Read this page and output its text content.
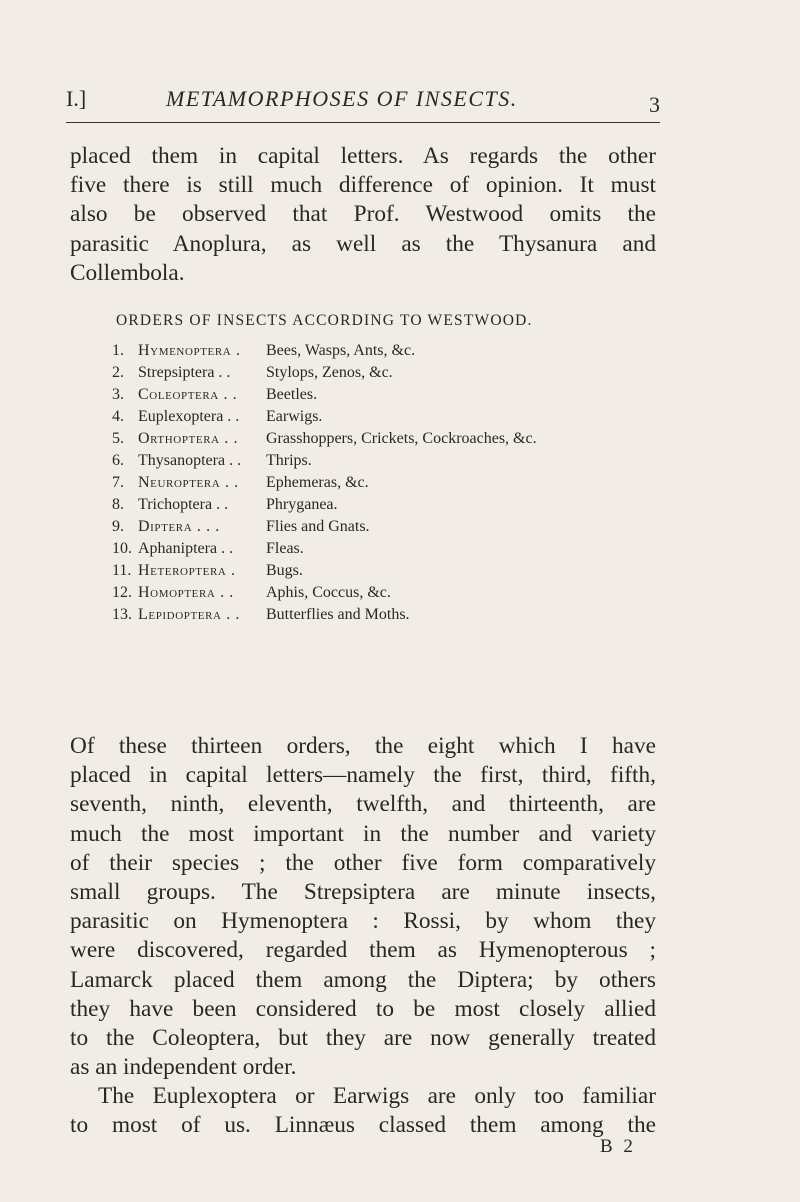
I.]	METAMORPHOSES OF INSECTS.	3
placed them in capital letters. As regards the other
five there is still much difference of opinion. It must
also be observed that Prof. Westwood omits the
parasitic Anoplura, as well as the Thysanura and
Collembola.
ORDERS OF INSECTS ACCORDING TO WESTWOOD.
1. Hymenoptera . Bees, Wasps, Ants, &c.
2. Strepsiptera . . Stylops, Zenos, &c.
3. Coleoptera . . Beetles.
4. Euplexoptera . . Earwigs.
5. Orthoptera . . Grasshoppers, Crickets, Cockroaches, &c.
6. Thysanoptera . . Thrips.
7. Neuroptera . . Ephemeras, &c.
8. Trichoptera . . Phryganea.
9. Diptera . . .	Flies and Gnats.
10. Aphaniptera . . Fleas.
11. Heteroptera . Bugs.
12. Homoptera . . Aphis, Coccus, &c.
13. Lepidoptera . . Butterflies and Moths.
Of these thirteen orders, the eight which I have
placed in capital letters—namely the first, third, fifth,
seventh, ninth, eleventh, twelfth, and thirteenth, are
much the most important in the number and variety
of their species ; the other five form comparatively
small groups. The Strepsiptera are minute insects,
parasitic on Hymenoptera : Rossi, by whom they
were discovered, regarded them as Hymenopterous ;
Lamarck placed them among the Diptera; by others
they have been considered to be most closely allied
to the Coleoptera, but they are now generally treated
as an independent order.
The Euplexoptera or Earwigs are only too familiar
to most of us. Linnæus classed them among the
B 2
